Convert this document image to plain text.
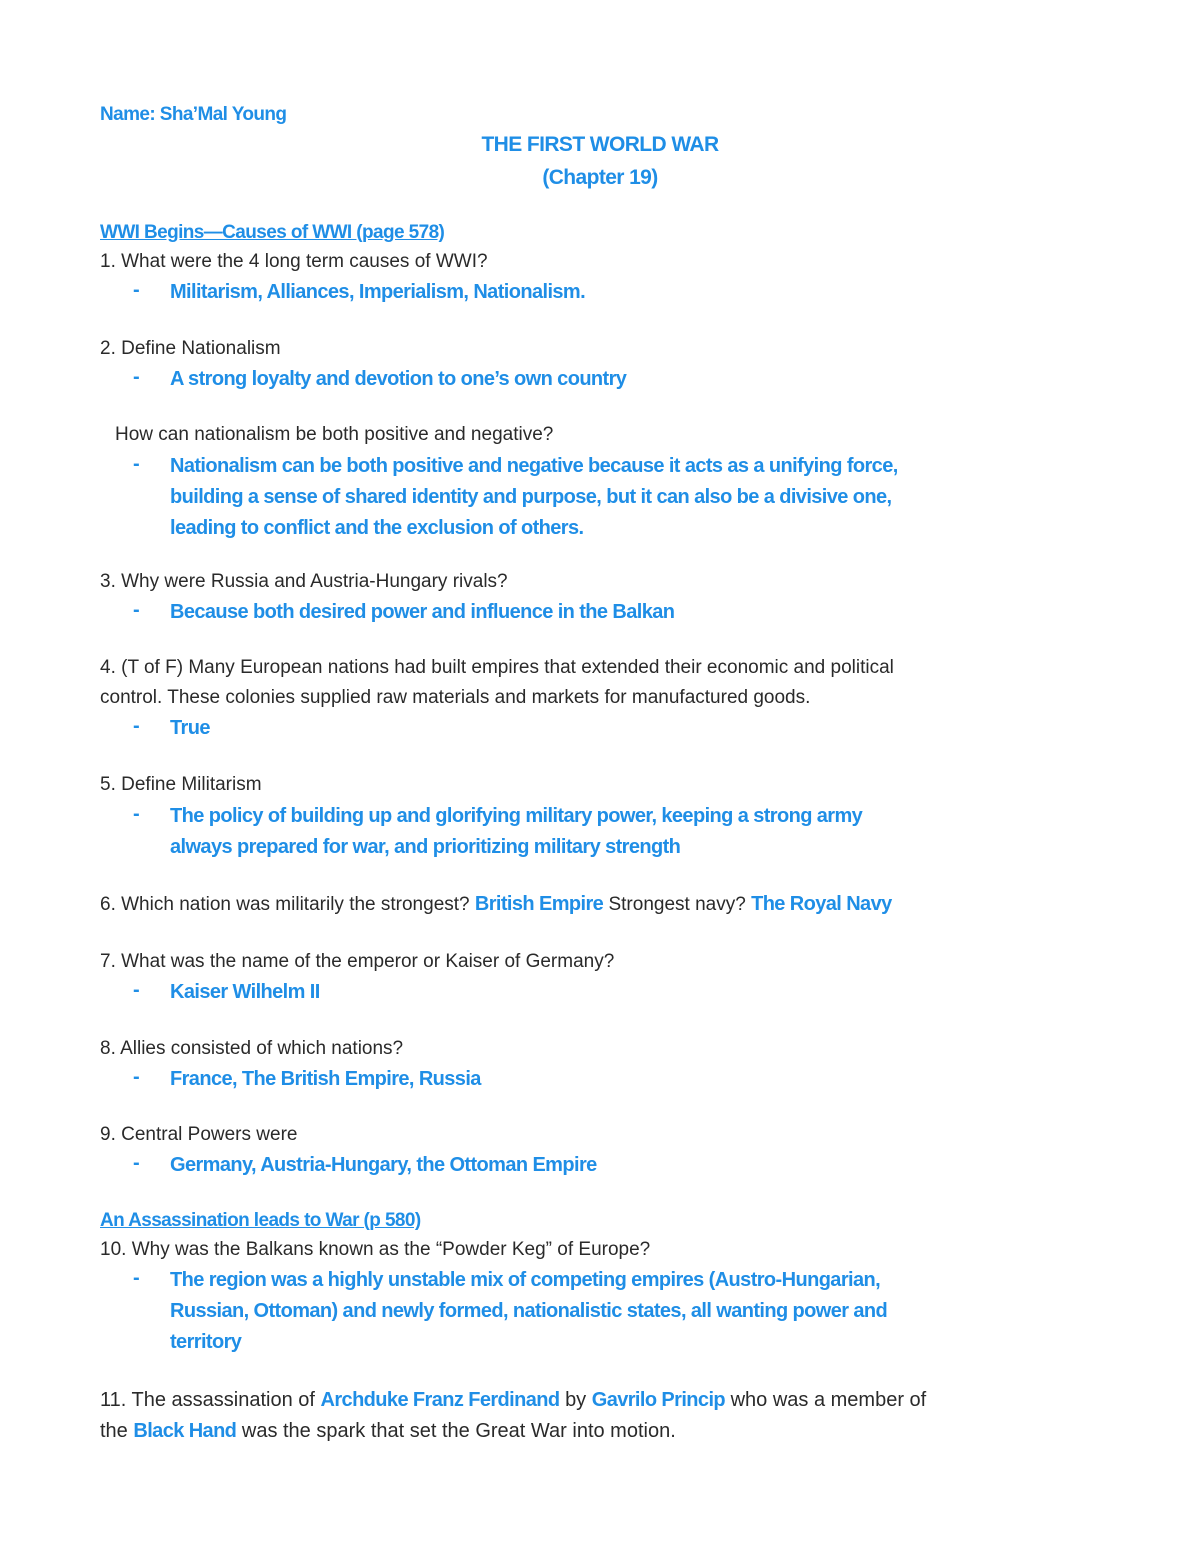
Name: Sha’Mal Young
THE FIRST WORLD WAR
(Chapter 19)
WWI Begins—Causes of WWI (page 578)
1. What were the 4 long term causes of WWI?
- Militarism, Alliances, Imperialism, Nationalism.
2. Define Nationalism
- A strong loyalty and devotion to one’s own country
How can nationalism be both positive and negative?
- Nationalism can be both positive and negative because it acts as a unifying force,
building a sense of shared identity and purpose, but it can also be a divisive one,
leading to conflict and the exclusion of others.
3. Why were Russia and Austria-Hungary rivals?
- Because both desired power and influence in the Balkan
4. (T of F) Many European nations had built empires that extended their economic and political
control. These colonies supplied raw materials and markets for manufactured goods.
- True
5. Define Militarism
- The policy of building up and glorifying military power, keeping a strong army
always prepared for war, and prioritizing military strength
6. Which nation was militarily the strongest? British Empire Strongest navy? The Royal Navy
7. What was the name of the emperor or Kaiser of Germany?
- Kaiser Wilhelm II
8. Allies consisted of which nations?
- France, The British Empire, Russia
9. Central Powers were
- Germany, Austria-Hungary, the Ottoman Empire
An Assassination leads to War (p 580)
10. Why was the Balkans known as the “Powder Keg” of Europe?
- The region was a highly unstable mix of competing empires (Austro-Hungarian,
Russian, Ottoman) and newly formed, nationalistic states, all wanting power and
territory
11. The assassination of Archduke Franz Ferdinand by Gavrilo Princip who was a member of
the Black Hand was the spark that set the Great War into motion.
